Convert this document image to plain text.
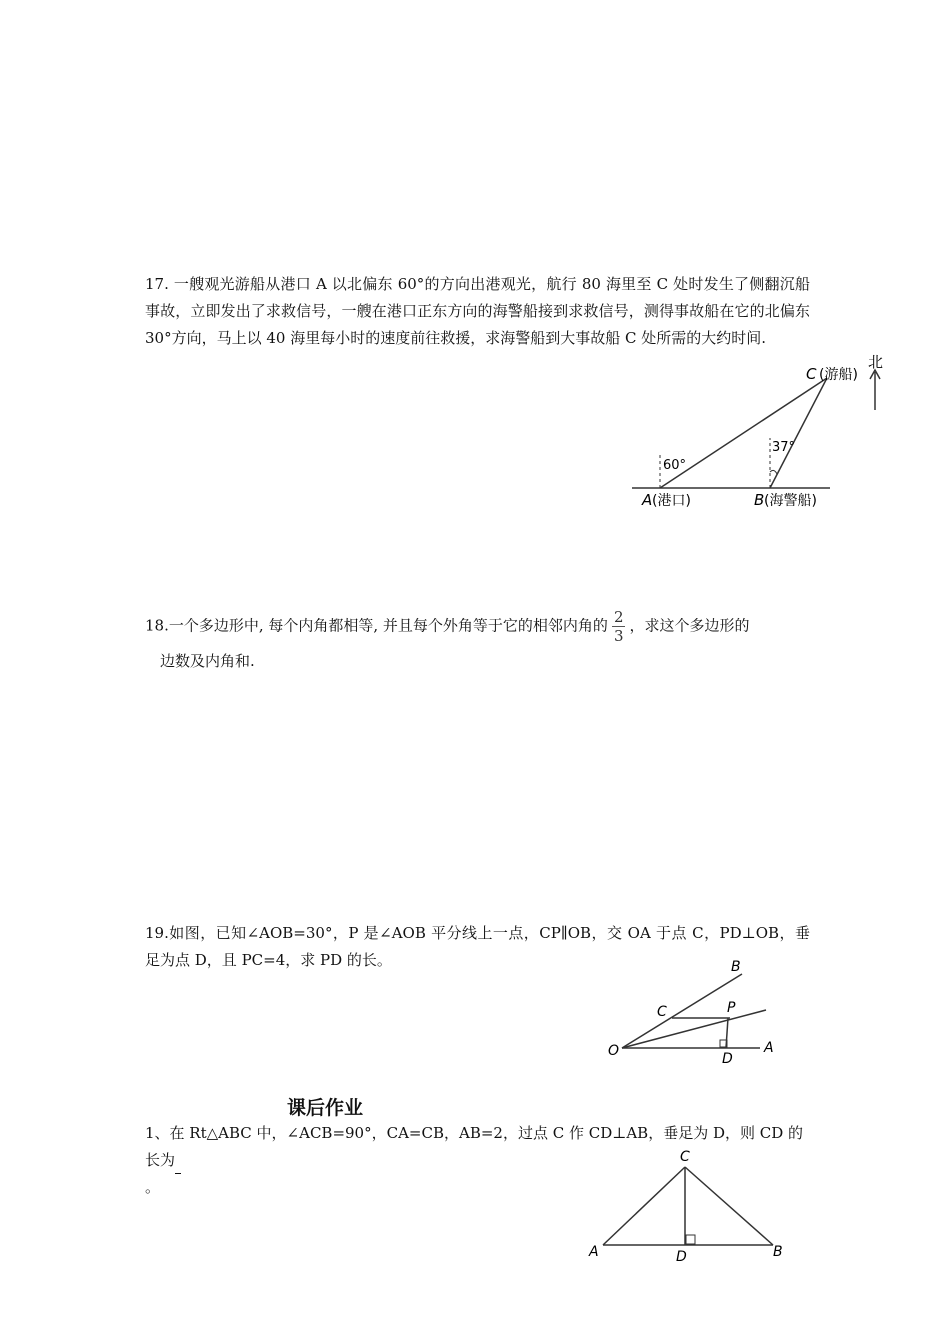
17. 一艘观光游船从港口 A 以北偏东 60°的方向出港观光，航行 80 海里至 C 处时发生了侧翻沉船事故，立即发出了求救信号，一艘在港口正东方向的海警船接到求救信号，测得事故船在它的北偏东 30°方向，马上以 40 海里每小时的速度前往救援，求海警船到大事故船 C 处所需的大约时间.
北
C (游船)
60°
37°
A (港口)	B (海警船)
18.一个多边形中, 每个内角都相等, 并且每个外角等于它的相邻内角的 $\frac{2}{3}$ ，求这个多边形的
边数及内角和.
19.如图，已知∠AOB=30°，P 是∠AOB 平分线上一点，CP∥OB，交 OA 于点 C，PD⊥OB，垂足为点 D，且 PC=4，求 PD 的长。	B
C	P
O	D
A
课后作业
1、在 Rt△ABC 中，∠ACB=90°，CA=CB，AB=2，过点 C 作 CD⊥AB，垂足为 D，则 CD 的长为
。
C
A	D	B
